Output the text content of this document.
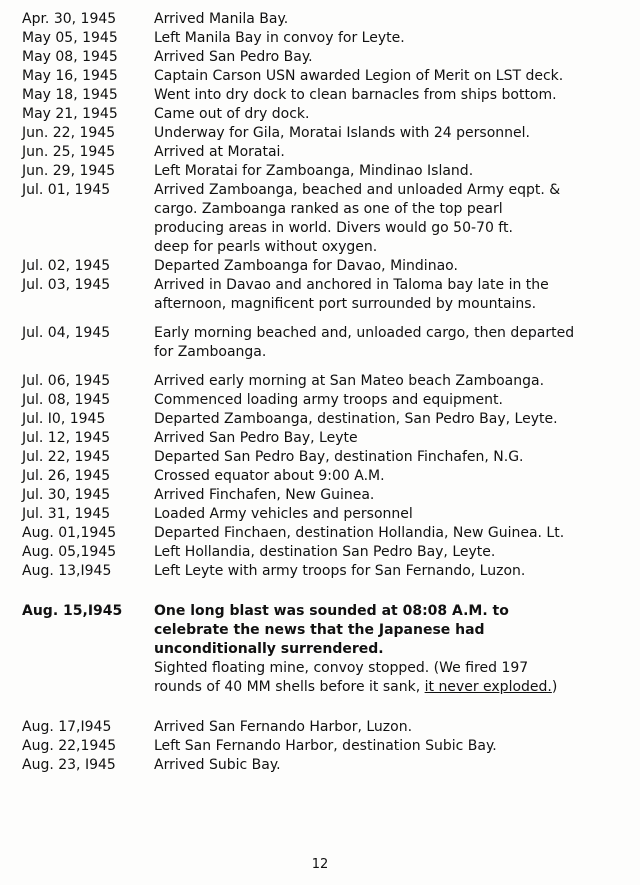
Apr. 30, 1945	Arrived Manila Bay.
May 05, 1945	Left Manila Bay in convoy for Leyte.
May 08, 1945	Arrived San Pedro Bay.
May 16, 1945	Captain Carson USN awarded Legion of Merit on LST deck.
May 18, 1945	Went into dry dock to clean barnacles from ships bottom.
May 21, 1945	Came out of dry dock.
Jun. 22, 1945	Underway for Gila, Moratai Islands with 24 personnel.
Jun. 25, 1945	Arrived at Moratai.
Jun. 29, 1945	Left Moratai for Zamboanga, Mindinao Island.
Jul. 01, 1945	Arrived Zamboanga, beached and unloaded Army eqpt. &
cargo. Zamboanga ranked as one of the top pearl
producing areas in world. Divers would go 50-70 ft.
deep for pearls without oxygen.
Jul. 02, 1945	Departed Zamboanga for Davao, Mindinao.
Jul. 03, 1945	Arrived in Davao and anchored in Taloma bay late in the
afternoon, magnificent port surrounded by mountains.
Jul. 04, 1945	Early morning beached and, unloaded cargo, then departed
for Zamboanga.
Jul. 06, 1945	Arrived early morning at San Mateo beach Zamboanga.
Jul. 08, 1945	Commenced loading army troops and equipment.
Jul. I0, 1945	Departed Zamboanga, destination, San Pedro Bay, Leyte.
Jul. 12, 1945	Arrived San Pedro Bay, Leyte
Jul. 22, 1945	Departed San Pedro Bay, destination Finchafen, N.G.
Jul. 26, 1945	Crossed equator about 9:00 A.M.
Jul. 30, 1945	Arrived Finchafen, New Guinea.
Jul. 31, 1945	Loaded Army vehicles and personnel
Aug. 01,1945	Departed Finchaen, destination Hollandia, New Guinea. Lt.
Aug. 05,1945	Left Hollandia, destination San Pedro Bay, Leyte.
Aug. 13,I945	Left Leyte with army troops for San Fernando, Luzon.
Aug. 15,I945	One long blast was sounded at 08:08 A.M. to
celebrate the news that the Japanese had
unconditionally surrendered.
Sighted floating mine, convoy stopped. (We fired 197
rounds of 40 MM shells before it sank, it never exploded.)
Aug. 17,I945	Arrived San Fernando Harbor, Luzon.
Aug. 22,1945	Left San Fernando Harbor, destination Subic Bay.
Aug. 23, I945	Arrived Subic Bay.
12
